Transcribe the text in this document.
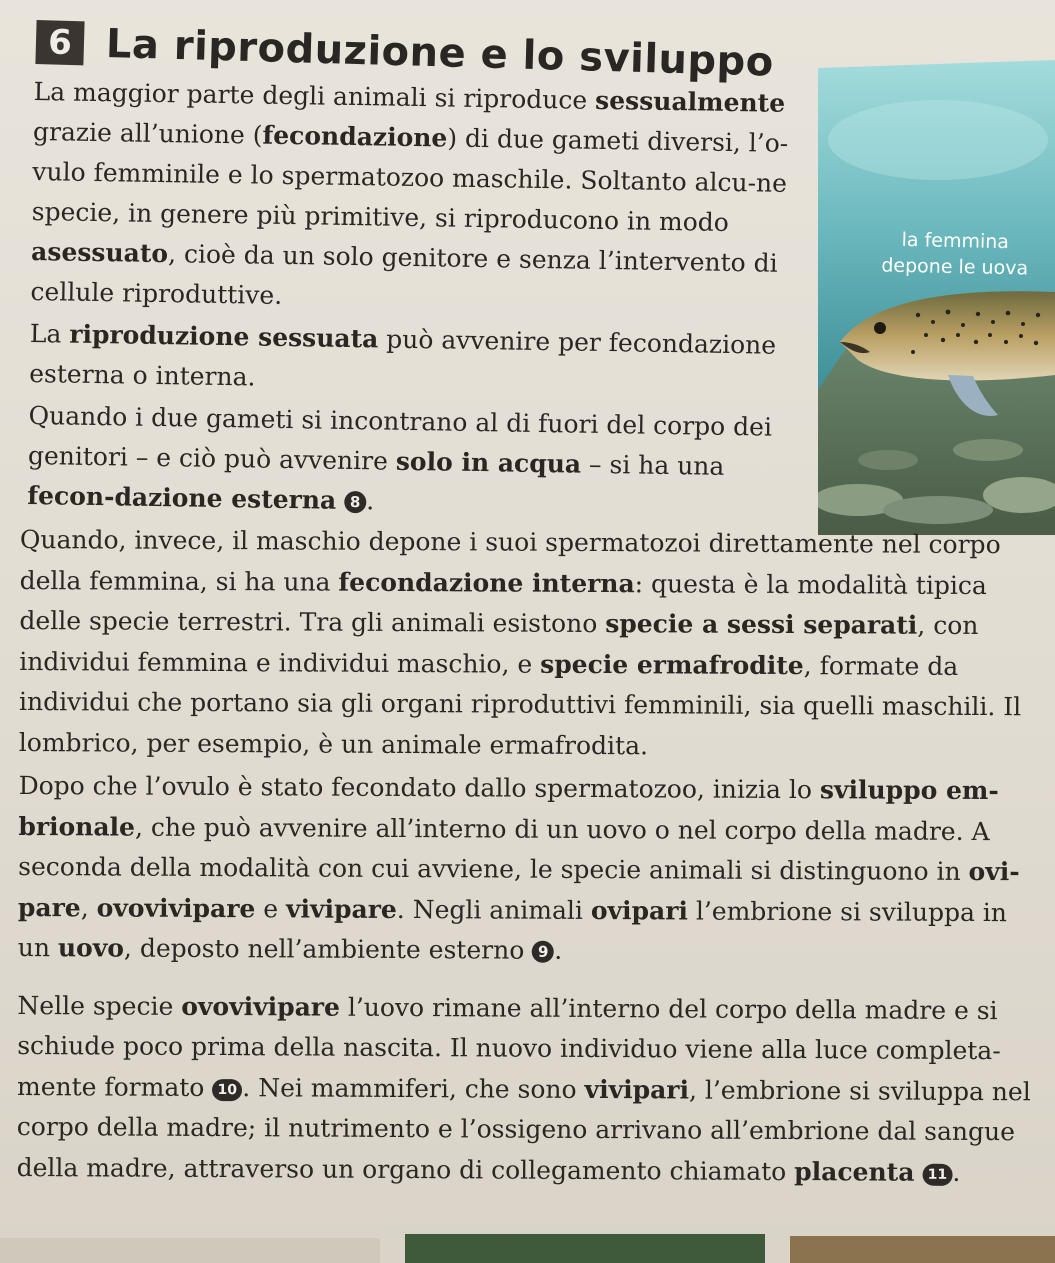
6 La riproduzione e lo sviluppo

La maggior parte degli animali si riproduce sessualmente grazie all’unione (fecondazione) di due gameti diversi, l’o-vulo femminile e lo spermatozoo maschile. Soltanto alcu-ne specie, in genere più primitive, si riproducono in modo asessuato, cioè da un solo genitore e senza l’intervento di cellule riproduttive.

La riproduzione sessuata può avvenire per fecondazione esterna o interna.

Quando i due gameti si incontrano al di fuori del corpo dei genitori – e ciò può avvenire solo in acqua – si ha una fecon-dazione esterna 8 .

la femmina
depone le uova

Quando, invece, il maschio depone i suoi spermatozoi direttamente nel corpo della femmina, si ha una fecondazione interna: questa è la modalità tipica delle specie terrestri. Tra gli animali esistono specie a sessi separati, con individui femmina e individui maschio, e specie ermafrodite, formate da individui che portano sia gli organi riproduttivi femminili, sia quelli maschili. Il lombrico, per esempio, è un animale ermafrodita.

Dopo che l’ovulo è stato fecondato dallo spermatozoo, inizia lo sviluppo em-brionale, che può avvenire all’interno di un uovo o nel corpo della madre. A seconda della modalità con cui avviene, le specie animali si distinguono in ovi-pare, ovovivipare e vivipare. Negli animali ovipari l’embrione si sviluppa in un uovo, deposto nell’ambiente esterno 9 .

Nelle specie ovovivipare l’uovo rimane all’interno del corpo della madre e si schiude poco prima della nascita. Il nuovo individuo viene alla luce completa-mente formato 10 . Nei mammiferi, che sono vivipari, l’embrione si sviluppa nel corpo della madre; il nutrimento e l’ossigeno arrivano all’embrione dal sangue della madre, attraverso un organo di collegamento chiamato placenta 11 .
